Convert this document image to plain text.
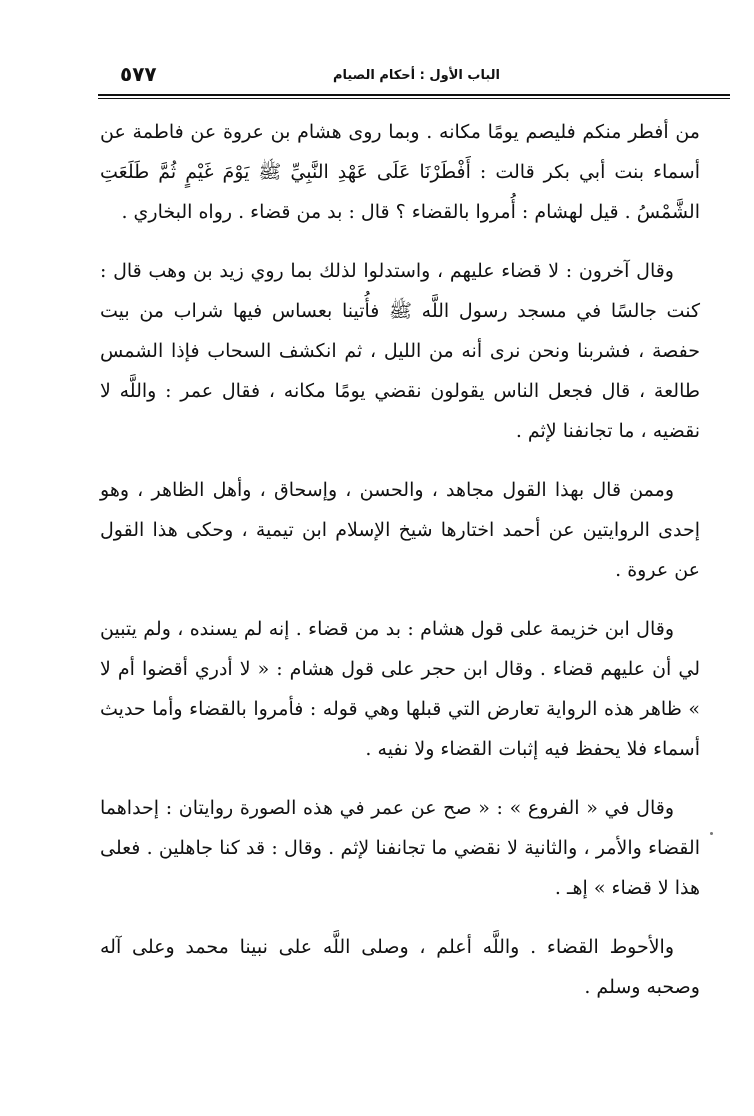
٥٧٧	الباب الأول : أحكام الصيام

من أفطر منكم فليصم يومًا مكانه . وبما روى هشام بن عروة عن فاطمة عن أسماء بنت أبي بكر قالت : أَفْطَرْنَا عَلَى عَهْدِ النَّبِيِّ ﷺ يَوْمَ غَيْمٍ ثُمَّ طَلَعَتِ الشَّمْسُ . قيل لهشام : أُمروا بالقضاء ؟ قال : بد من قضاء . رواه البخاري .

وقال آخرون : لا قضاء عليهم ، واستدلوا لذلك بما روي زيد بن وهب قال : كنت جالسًا في مسجد رسول اللَّه ﷺ فأُتينا بعساس فيها شراب من بيت حفصة ، فشربنا ونحن نرى أنه من الليل ، ثم انكشف السحاب فإذا الشمس طالعة ، قال فجعل الناس يقولون نقضي يومًا مكانه ، فقال عمر : واللَّه لا نقضيه ، ما تجانفنا لإثم .

وممن قال بهذا القول مجاهد ، والحسن ، وإسحاق ، وأهل الظاهر ، وهو إحدى الروايتين عن أحمد اختارها شيخ الإسلام ابن تيمية ، وحكى هذا القول عن عروة .

وقال ابن خزيمة على قول هشام : بد من قضاء . إنه لم يسنده ، ولم يتبين لي أن عليهم قضاء . وقال ابن حجر على قول هشام : « لا أدري أقضوا أم لا » ظاهر هذه الرواية تعارض التي قبلها وهي قوله : فأمروا بالقضاء وأما حديث أسماء فلا يحفظ فيه إثبات القضاء ولا نفيه .

وقال في « الفروع » : « صح عن عمر في هذه الصورة روايتان : إحداهما القضاء والأمر ، والثانية لا نقضي ما تجانفنا لإثم . وقال : قد كنا جاهلين . فعلى هذا لا قضاء » إهـ .

والأحوط القضاء . واللَّه أعلم ، وصلى اللَّه على نبينا محمد وعلى آله وصحبه وسلم .
